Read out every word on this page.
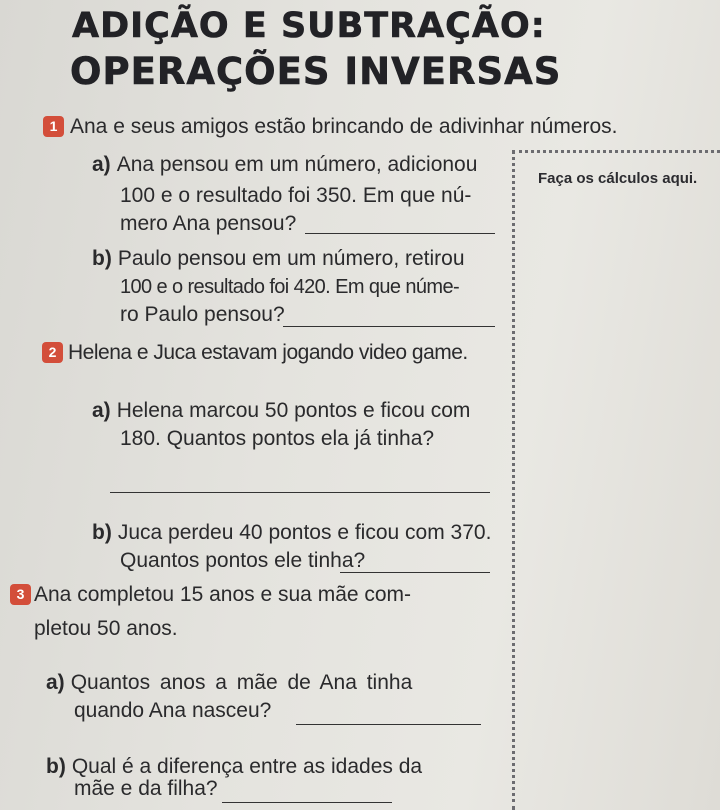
ADIÇÃO E SUBTRAÇÃO:
OPERAÇÕES INVERSAS
Faça os cálculos aqui.
1 Ana e seus amigos estão brincando de adivinhar números.
a) Ana pensou em um número, adicionou
100 e o resultado foi 350. Em que nú-
mero Ana pensou?
b) Paulo pensou em um número, retirou
100 e o resultado foi 420. Em que núme-
ro Paulo pensou?
2 Helena e Juca estavam jogando video game.
a) Helena marcou 50 pontos e ficou com
180. Quantos pontos ela já tinha?
b) Juca perdeu 40 pontos e ficou com 370.
Quantos pontos ele tinha?
3 Ana completou 15 anos e sua mãe com-
pletou 50 anos.
a) Quantos anos a mãe de Ana tinha
quando Ana nasceu?
b) Qual é a diferença entre as idades da
mãe e da filha?
